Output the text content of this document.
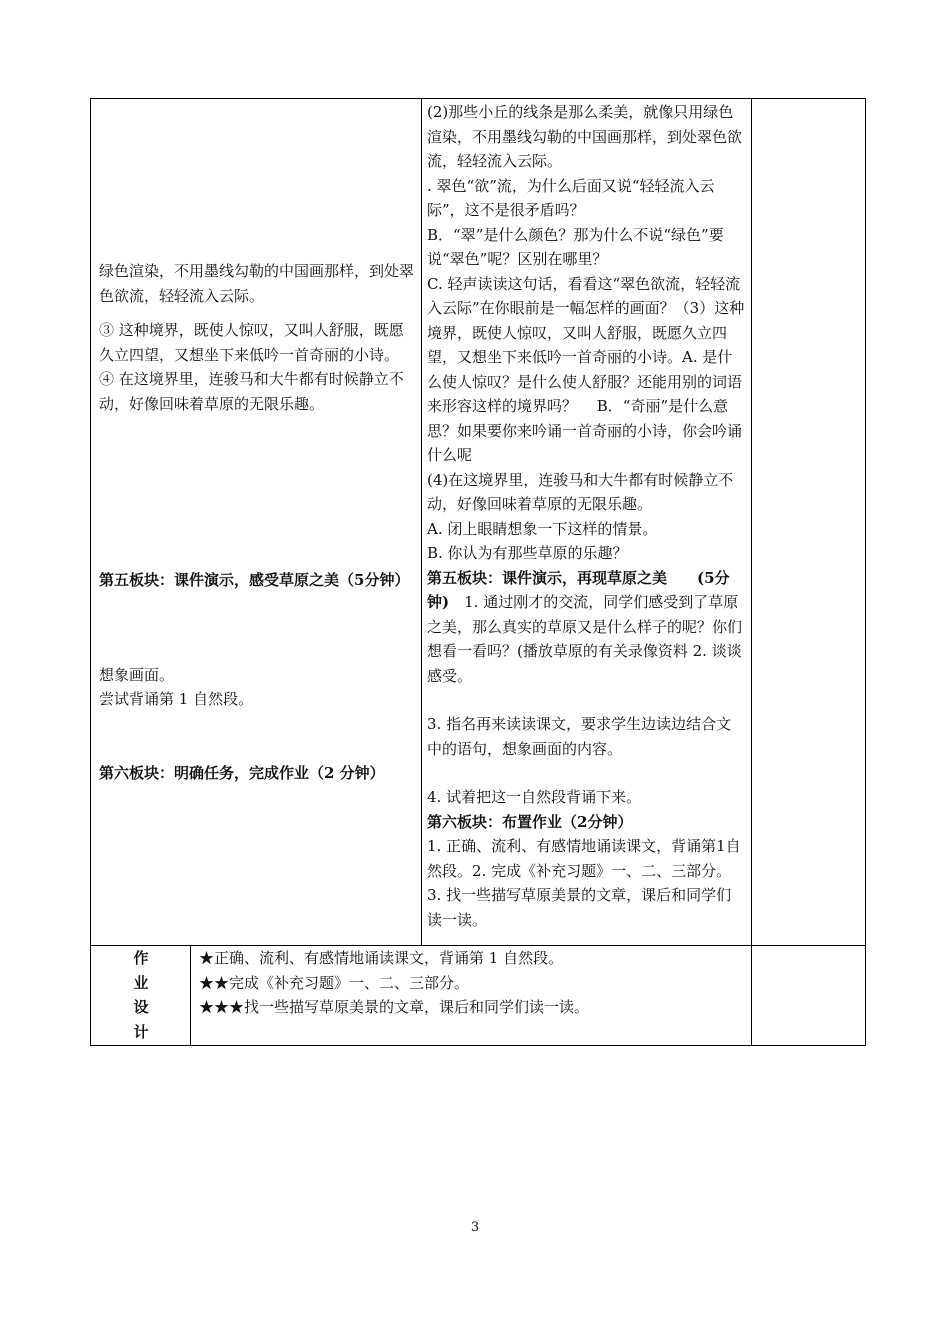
绿色渲染，不用墨线勾勒的中国画那样，到处翠色欲流，轻轻流入云际。

③ 这种境界，既使人惊叹，又叫人舒服，既愿久立四望，又想坐下来低吟一首奇丽的小诗。

④ 在这境界里，连骏马和大牛都有时候静立不动，好像回味着草原的无限乐趣。

第五板块：课件演示，感受草原之美（5分钟）
想象画面。
尝试背诵第 1 自然段。
第六板块：明确任务，完成作业（2 分钟）

(2)那些小丘的线条是那么柔美，就像只用绿色渲染，不用墨线勾勒的中国画那样，到处翠色欲流，轻轻流入云际。

. 翠色“欲”流，为什么后面又说“轻轻流入云际”，这不是很矛盾吗？

B．“翠”是什么颜色？那为什么不说“绿色”要说“翠色”呢？区别在哪里？

C. 轻声读读这句话，看看这“翠色欲流，轻轻流入云际”在你眼前是一幅怎样的画面？（3）这种境界，既使人惊叹，又叫人舒服，既愿久立四望，又想坐下来低吟一首奇丽的小诗。A. 是什么使人惊叹？是什么使人舒服？还能用别的词语来形容这样的境界吗？　 B．“奇丽”是什么意思？如果要你来吟诵一首奇丽的小诗，你会吟诵什么呢

(4)在这境界里，连骏马和大牛都有时候静立不动，好像回味着草原的无限乐趣。

A. 闭上眼睛想象一下这样的情景。

B. 你认为有那些草原的乐趣？

第五板块：课件演示，再现草原之美　　(5分钟)　1. 通过刚才的交流，同学们感受到了草原之美，那么真实的草原又是什么样子的呢？你们想看一看吗？(播放草原的有关录像资料 2. 谈谈感受。

3. 指名再来读读课文，要求学生边读边结合文中的语句，想象画面的内容。

4. 试着把这一自然段背诵下来。

第六板块：布置作业（2分钟）

1. 正确、流利、有感情地诵读课文，背诵第1自然段。2. 完成《补充习题》一、二、三部分。3. 找一些描写草原美景的文章，课后和同学们读一读。

作
业
设
计

★正确、流利、有感情地诵读课文，背诵第 1 自然段。

★★完成《补充习题》一、二、三部分。

★★★找一些描写草原美景的文章，课后和同学们读一读。

3
